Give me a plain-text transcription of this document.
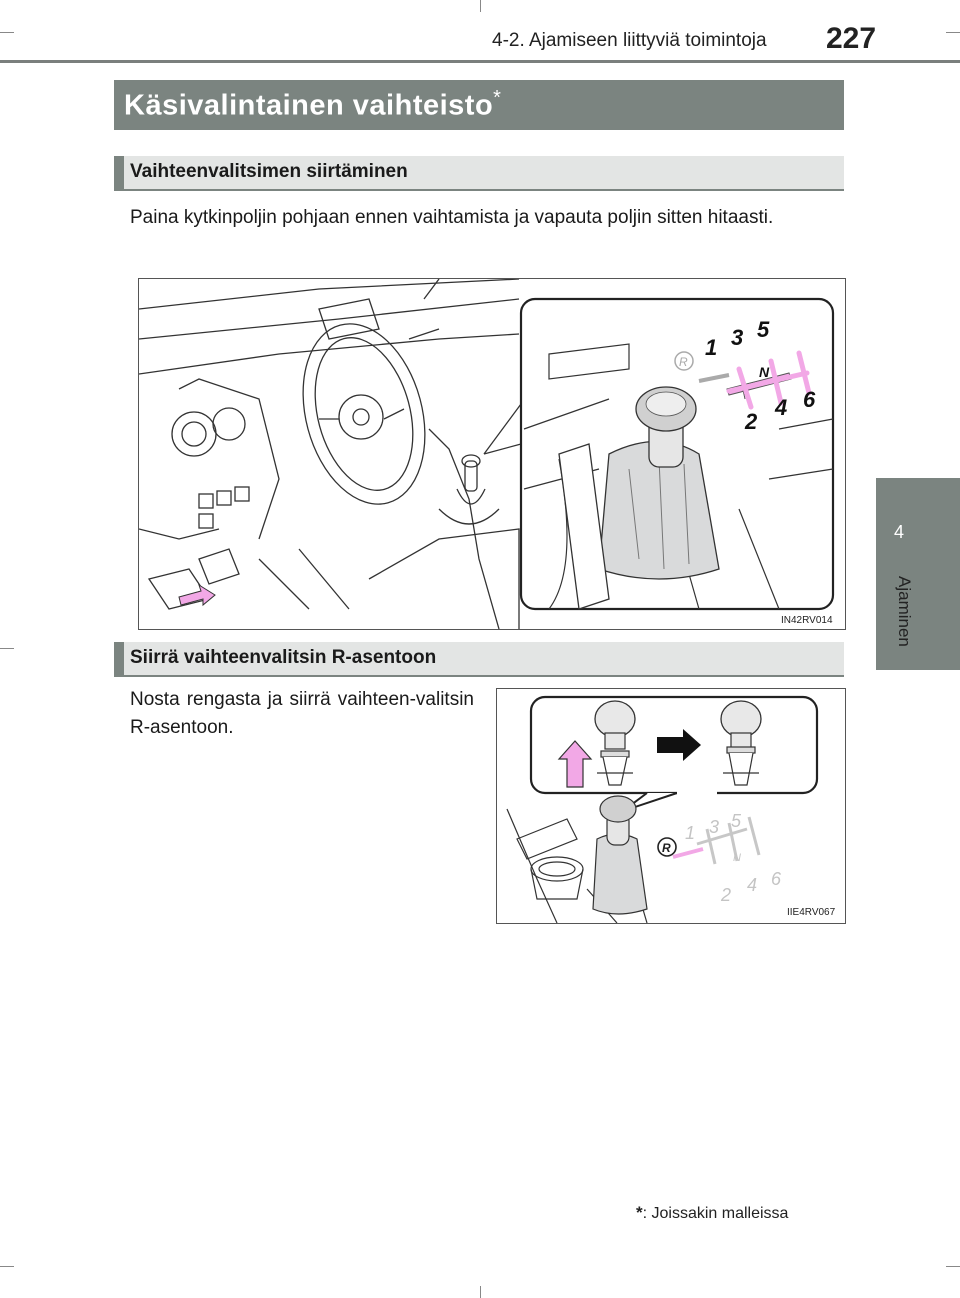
4-2. Ajamiseen liittyviä toimintoja 227
4
Ajaminen
Käsivalintainen vaihteisto*
Vaihteenvalitsimen siirtäminen
Paina kytkinpoljin pohjaan ennen vaihtamista ja vapauta poljin sitten hitaasti.
R
1 3 5
N
2
4 6
IN42RV014
Siirrä vaihteenvalitsin R-asentoon
Nosta rengasta ja siirrä vaihteen-valitsin R-asentoon.
R
1 3 5
N
2 4 6
IIE4RV067
*: Joissakin malleissa
